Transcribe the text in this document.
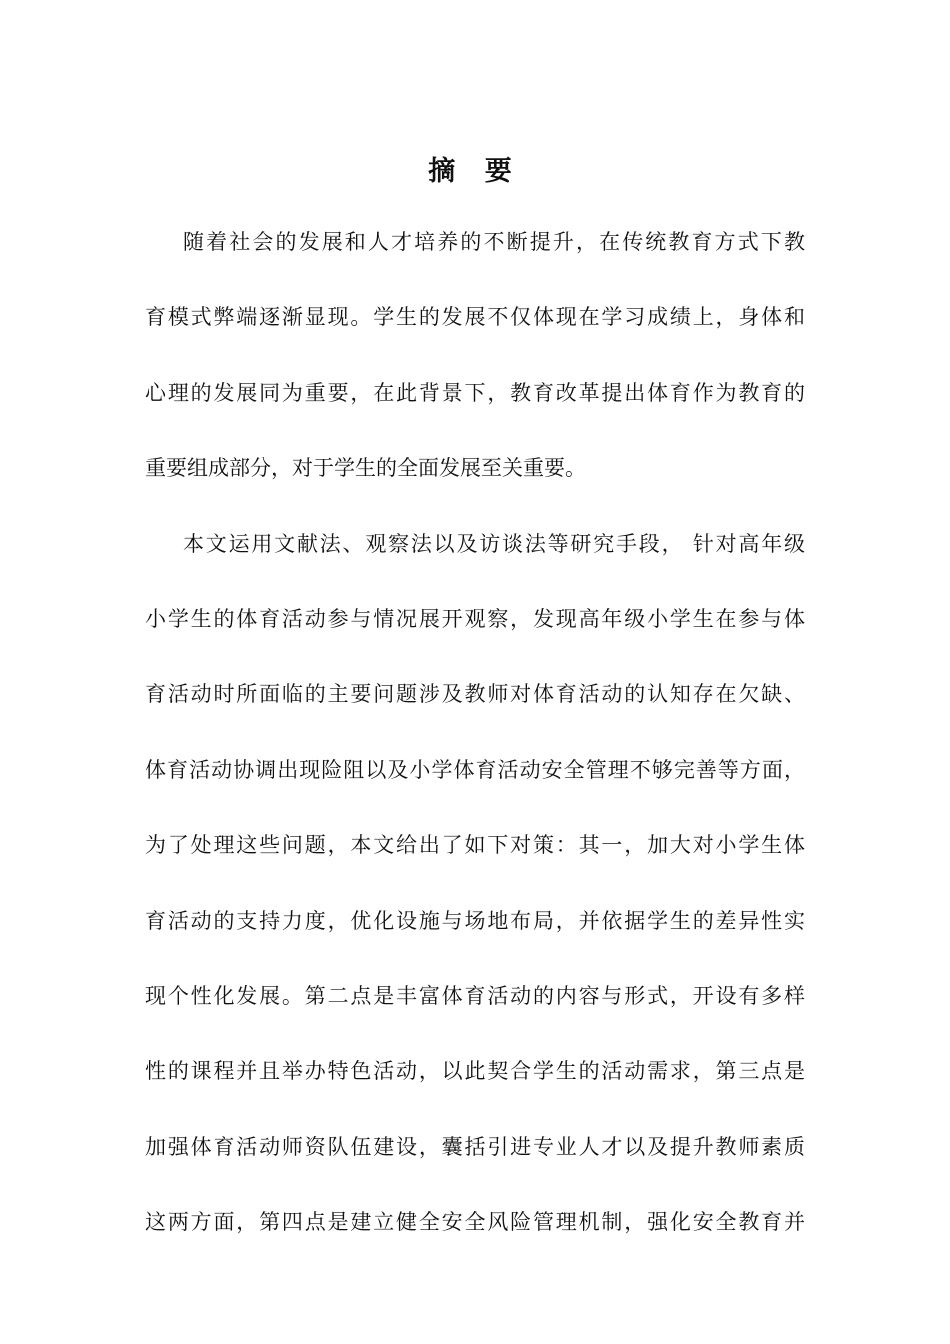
摘 要
随着社会的发展和人才培养的不断提升，在传统教育方式下教
育模式弊端逐渐显现。学生的发展不仅体现在学习成绩上，身体和
心理的发展同为重要，在此背景下，教育改革提出体育作为教育的
重要组成部分，对于学生的全面发展至关重要。
本文运用文献法、观察法以及访谈法等研究手段， 针对高年级
小学生的体育活动参与情况展开观察，发现高年级小学生在参与体
育活动时所面临的主要问题涉及教师对体育活动的认知存在欠缺、
体育活动协调出现险阻以及小学体育活动安全管理不够完善等方面，
为了处理这些问题，本文给出了如下对策：其一，加大对小学生体
育活动的支持力度，优化设施与场地布局，并依据学生的差异性实
现个性化发展。第二点是丰富体育活动的内容与形式，开设有多样
性的课程并且举办特色活动，以此契合学生的活动需求，第三点是
加强体育活动师资队伍建设，囊括引进专业人才以及提升教师素质
这两方面，第四点是建立健全安全风险管理机制，强化安全教育并
